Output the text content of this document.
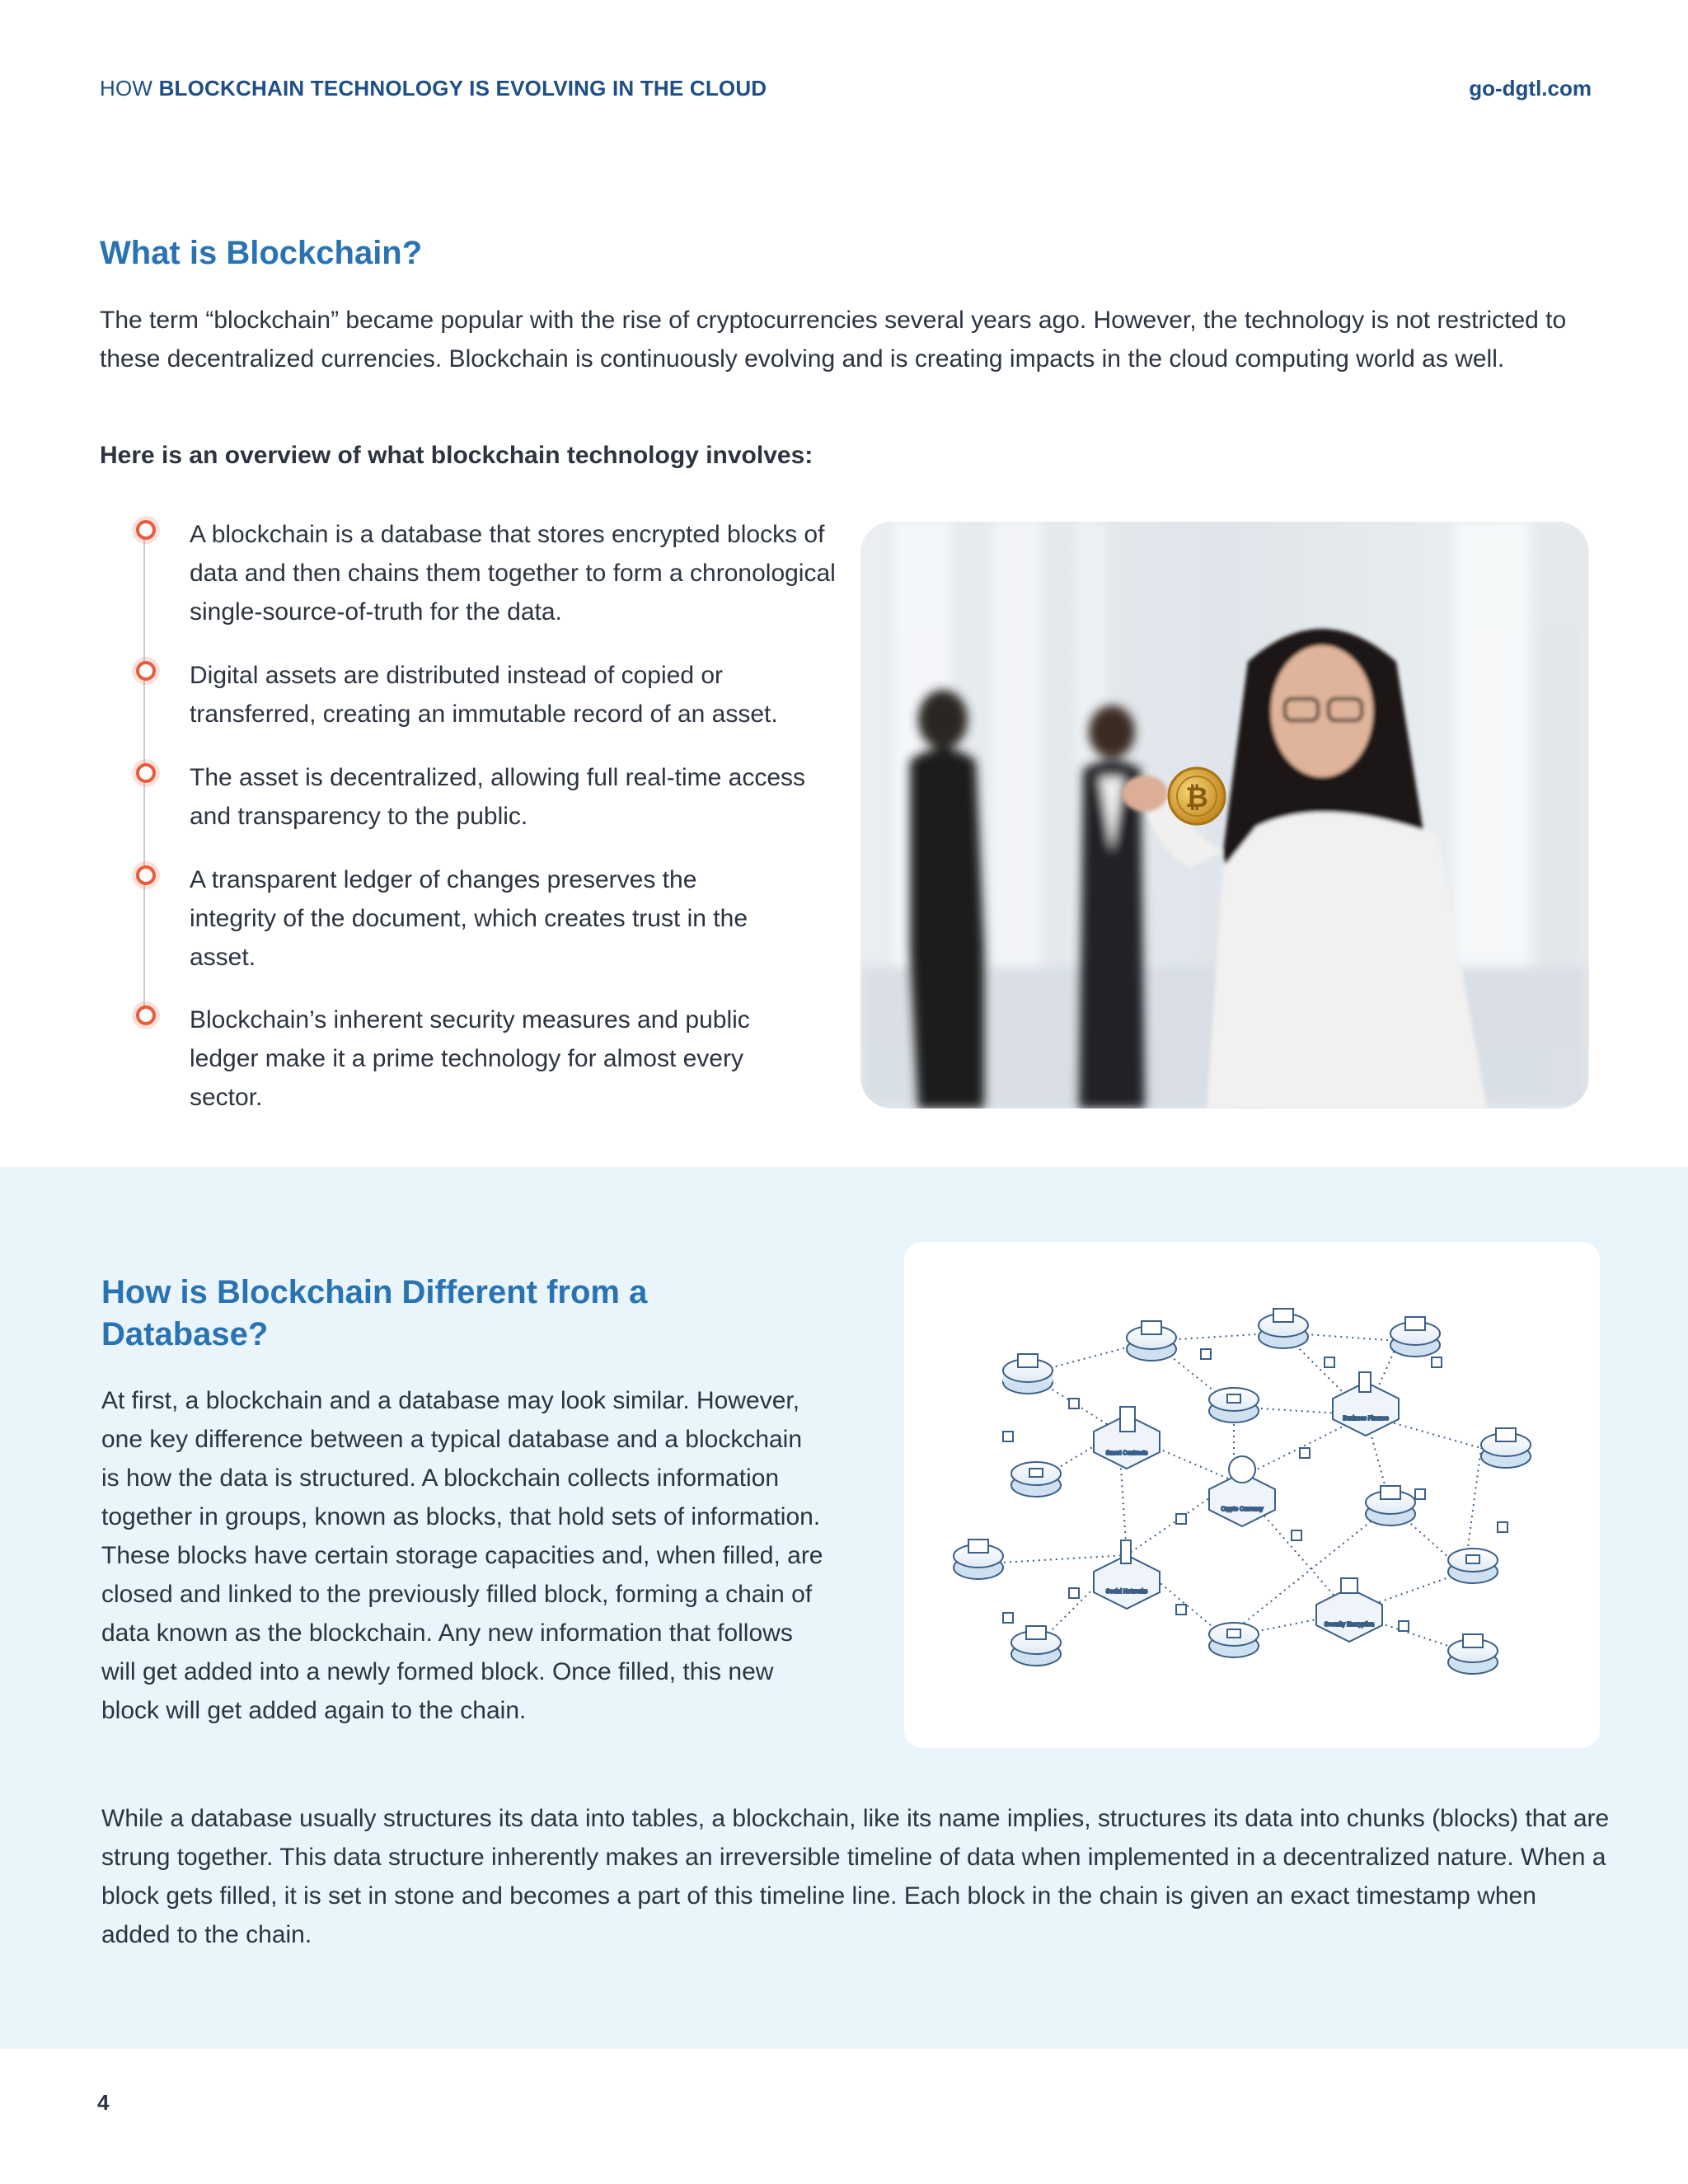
HOW BLOCKCHAIN TECHNOLOGY IS EVOLVING IN THE CLOUD	go-dgtl.com
What is Blockchain?

The term “blockchain” became popular with the rise of cryptocurrencies several years ago. However, the technology is not restricted to these decentralized currencies. Blockchain is continuously evolving and is creating impacts in the cloud computing world as well.

Here is an overview of what blockchain technology involves:
A blockchain is a database that stores encrypted blocks of data and then chains them together to form a chronological single-source-of-truth for the data.
Digital assets are distributed instead of copied or transferred, creating an immutable record of an asset.
The asset is decentralized, allowing full real-time access and transparency to the public.
A transparent ledger of changes preserves the integrity of the document, which creates trust in the asset.
Blockchain’s inherent security measures and public ledger make it a prime technology for almost every sector.
₿
How is Blockchain Different from a Database?

At first, a blockchain and a database may look similar. However, one key difference between a typical database and a blockchain is how the data is structured. A blockchain collects information together in groups, known as blocks, that hold sets of information. These blocks have certain storage capacities and, when filled, are closed and linked to the previously filled block, forming a chain of data known as the blockchain. Any new information that follows will get added into a newly formed block. Once filled, this new block will get added again to the chain.

Smart Contracts
Business Finance
Crypto Currency
Social Networks
Security Encryption

While a database usually structures its data into tables, a blockchain, like its name implies, structures its data into chunks (blocks) that are strung together. This data structure inherently makes an irreversible timeline of data when implemented in a decentralized nature. When a block gets filled, it is set in stone and becomes a part of this timeline line. Each block in the chain is given an exact timestamp when added to the chain.

4
